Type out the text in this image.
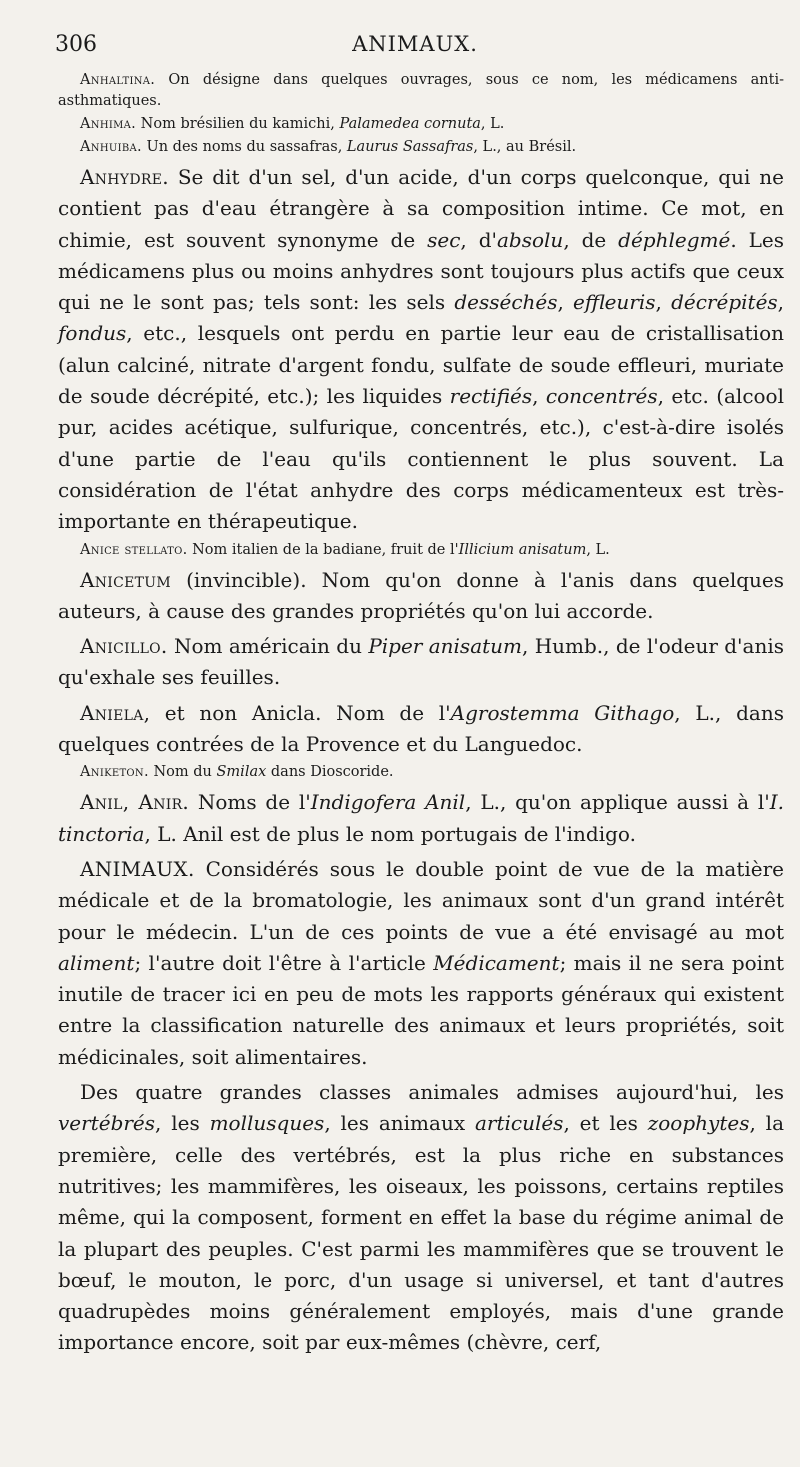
306	ANIMAUX.

Anhaltina. On désigne dans quelques ouvrages, sous ce nom, les médicamens anti-asthmatiques.

Anhima. Nom brésilien du kamichi, Palamedea cornuta, L.

Anhuiba. Un des noms du sassafras, Laurus Sassafras, L., au Brésil.

Anhydre. Se dit d'un sel, d'un acide, d'un corps quelconque, qui ne contient pas d'eau étrangère à sa composition intime. Ce mot, en chimie, est souvent synonyme de sec, d'absolu, de déphlegmé. Les médicamens plus ou moins anhydres sont toujours plus actifs que ceux qui ne le sont pas; tels sont: les sels desséchés, effleuris, décrépités, fondus, etc., lesquels ont perdu en partie leur eau de cristallisation (alun calciné, nitrate d'argent fondu, sulfate de soude effleuri, muriate de soude décrépité, etc.); les liquides rectifiés, concentrés, etc. (alcool pur, acides acétique, sulfurique, concentrés, etc.), c'est-à-dire isolés d'une partie de l'eau qu'ils contiennent le plus souvent. La considération de l'état anhydre des corps médicamenteux est très-importante en thérapeutique.

Anice stellato. Nom italien de la badiane, fruit de l'Illicium anisatum, L.

Anicetum (invincible). Nom qu'on donne à l'anis dans quelques auteurs, à cause des grandes propriétés qu'on lui accorde.

Anicillo. Nom américain du Piper anisatum, Humb., de l'odeur d'anis qu'exhale ses feuilles.

Aniela, et non Anicla. Nom de l'Agrostemma Githago, L., dans quelques contrées de la Provence et du Languedoc.

Aniketon. Nom du Smilax dans Dioscoride.

Anil, Anir. Noms de l'Indigofera Anil, L., qu'on applique aussi à l'I. tinctoria, L. Anil est de plus le nom portugais de l'indigo.

ANIMAUX. Considérés sous le double point de vue de la matière médicale et de la bromatologie, les animaux sont d'un grand intérêt pour le médecin. L'un de ces points de vue a été envisagé au mot aliment; l'autre doit l'être à l'article Médicament; mais il ne sera point inutile de tracer ici en peu de mots les rapports généraux qui existent entre la classification naturelle des animaux et leurs propriétés, soit médicinales, soit alimentaires.

Des quatre grandes classes animales admises aujourd'hui, les vertébrés, les mollusques, les animaux articulés, et les zoophytes, la première, celle des vertébrés, est la plus riche en substances nutritives; les mammifères, les oiseaux, les poissons, certains reptiles même, qui la composent, forment en effet la base du régime animal de la plupart des peuples. C'est parmi les mammifères que se trouvent le bœuf, le mouton, le porc, d'un usage si universel, et tant d'autres quadrupèdes moins généralement employés, mais d'une grande importance encore, soit par eux-mêmes (chèvre, cerf,
